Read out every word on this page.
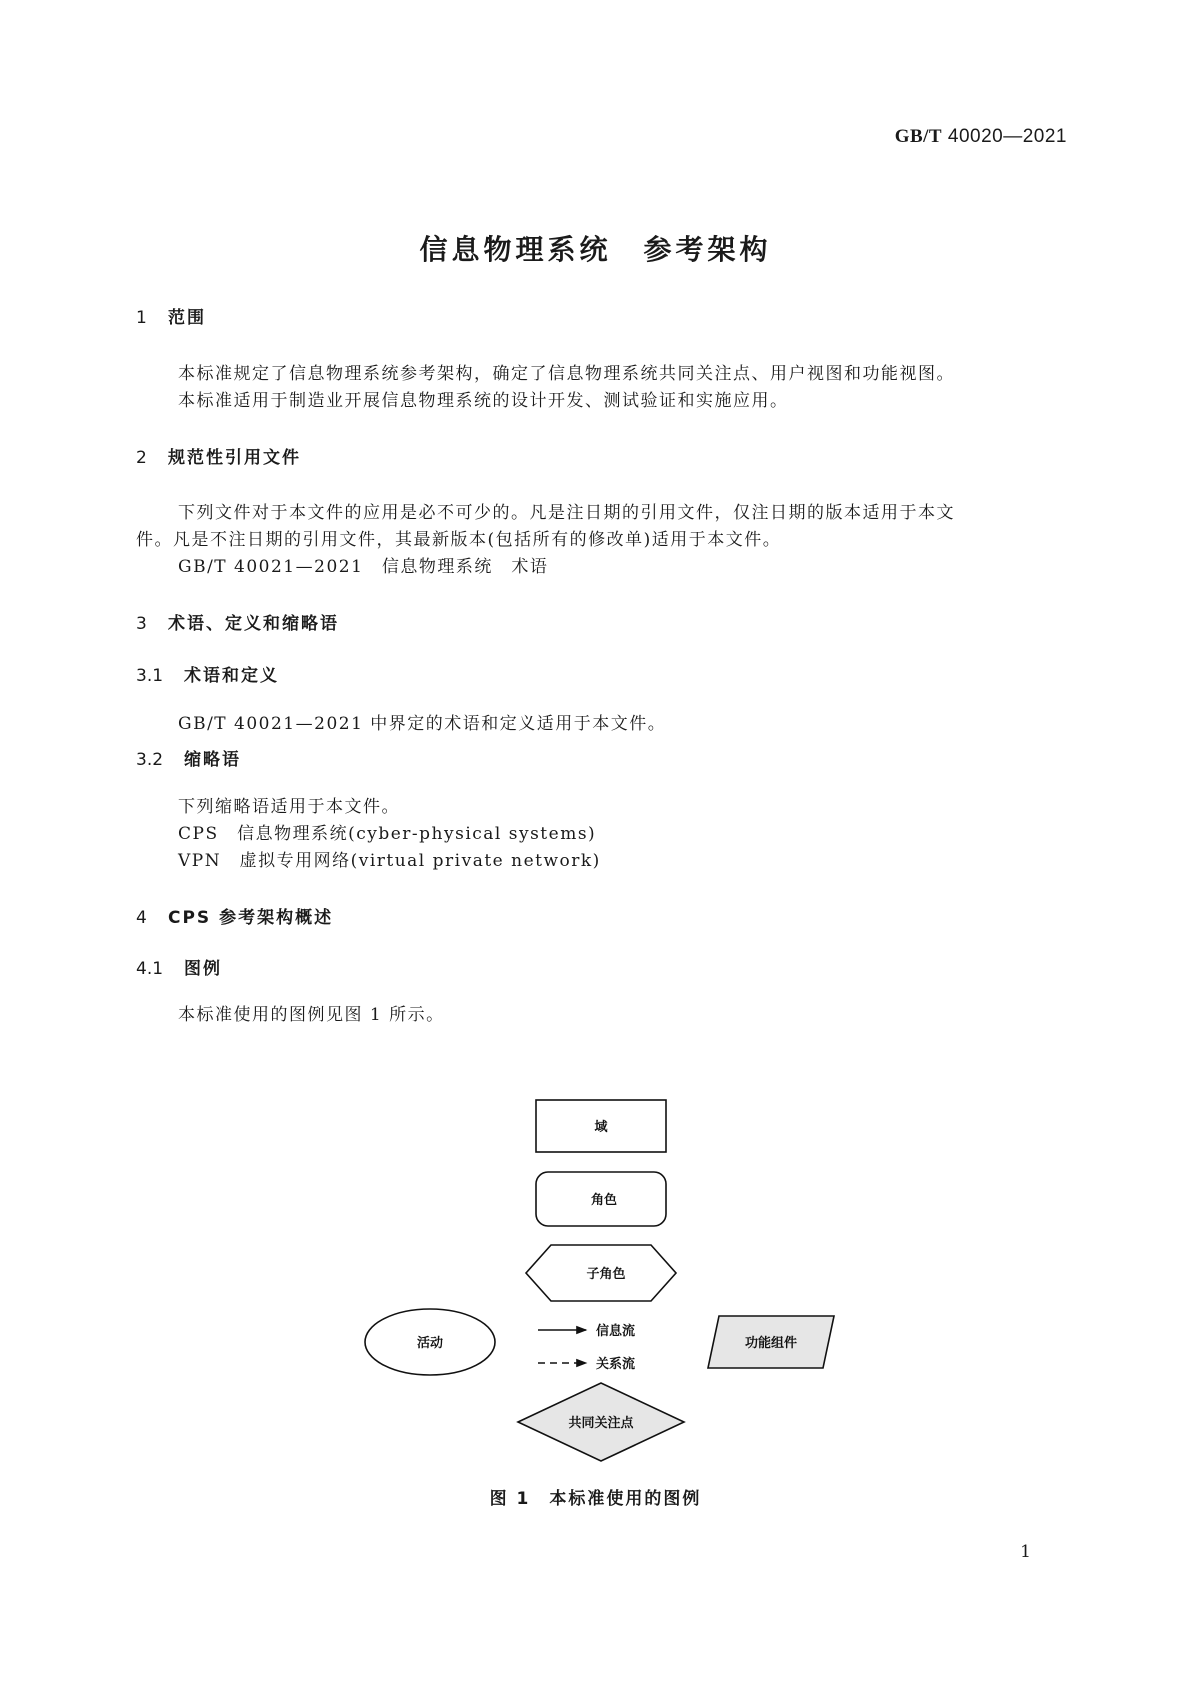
GB/T 40020—2021
信息物理系统　参考架构
1 范围
本标准规定了信息物理系统参考架构，确定了信息物理系统共同关注点、用户视图和功能视图。
本标准适用于制造业开展信息物理系统的设计开发、测试验证和实施应用。
2 规范性引用文件
下列文件对于本文件的应用是必不可少的。凡是注日期的引用文件，仅注日期的版本适用于本文
件。凡是不注日期的引用文件，其最新版本(包括所有的修改单)适用于本文件。
GB/T 40021—2021　信息物理系统　术语
3 术语、定义和缩略语
3.1 术语和定义
GB/T 40021—2021 中界定的术语和定义适用于本文件。
3.2 缩略语
下列缩略语适用于本文件。
CPS　信息物理系统(cyber-physical systems)
VPN　虚拟专用网络(virtual private network)
4 CPS 参考架构概述
4.1 图例
本标准使用的图例见图 1 所示。
域
角色
子角色
活动
信息流
关系流
功能组件
共同关注点
图 1　本标准使用的图例
1
